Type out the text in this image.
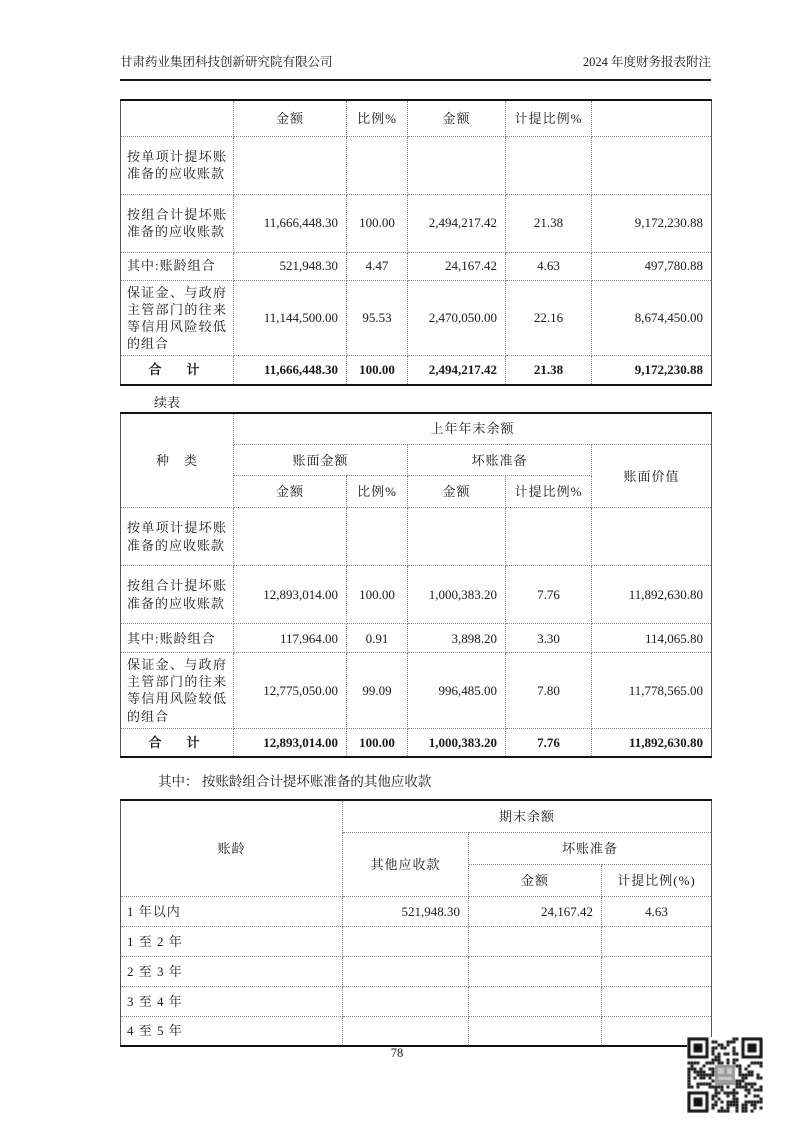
甘肃药业集团科技创新研究院有限公司	2024 年度财务报表附注
	金额	比例%	金额	计提比例%	
按单项计提坏账准备的应收账款					
按组合计提坏账准备的应收账款	11,666,448.30	100.00	2,494,217.42	21.38	9,172,230.88
其中:账龄组合	521,948.30	4.47	24,167.42	4.63	497,780.88
保证金、与政府主管部门的往来等信用风险较低的组合	11,144,500.00	95.53	2,470,050.00	22.16	8,674,450.00
合　计	11,666,448.30	100.00	2,494,217.42	21.38	9,172,230.88
续表
种　类	上年年末余额				
	账面金额		坏账准备		账面价值
	金额	比例%	金额	计提比例%	
按单项计提坏账准备的应收账款					
按组合计提坏账准备的应收账款	12,893,014.00	100.00	1,000,383.20	7.76	11,892,630.80
其中:账龄组合	117,964.00	0.91	3,898.20	3.30	114,065.80
保证金、与政府主管部门的往来等信用风险较低的组合	12,775,050.00	99.09	996,485.00	7.80	11,778,565.00
合　计	12,893,014.00	100.00	1,000,383.20	7.76	11,892,630.80
其中： 按账龄组合计提坏账准备的其他应收款
账龄	期末余额		
	其他应收款	坏账准备	
		金额	计提比例(%)
1 年以内	521,948.30	24,167.42	4.63
1 至 2 年			
2 至 3 年			
3 至 4 年			
4 至 5 年			
78
